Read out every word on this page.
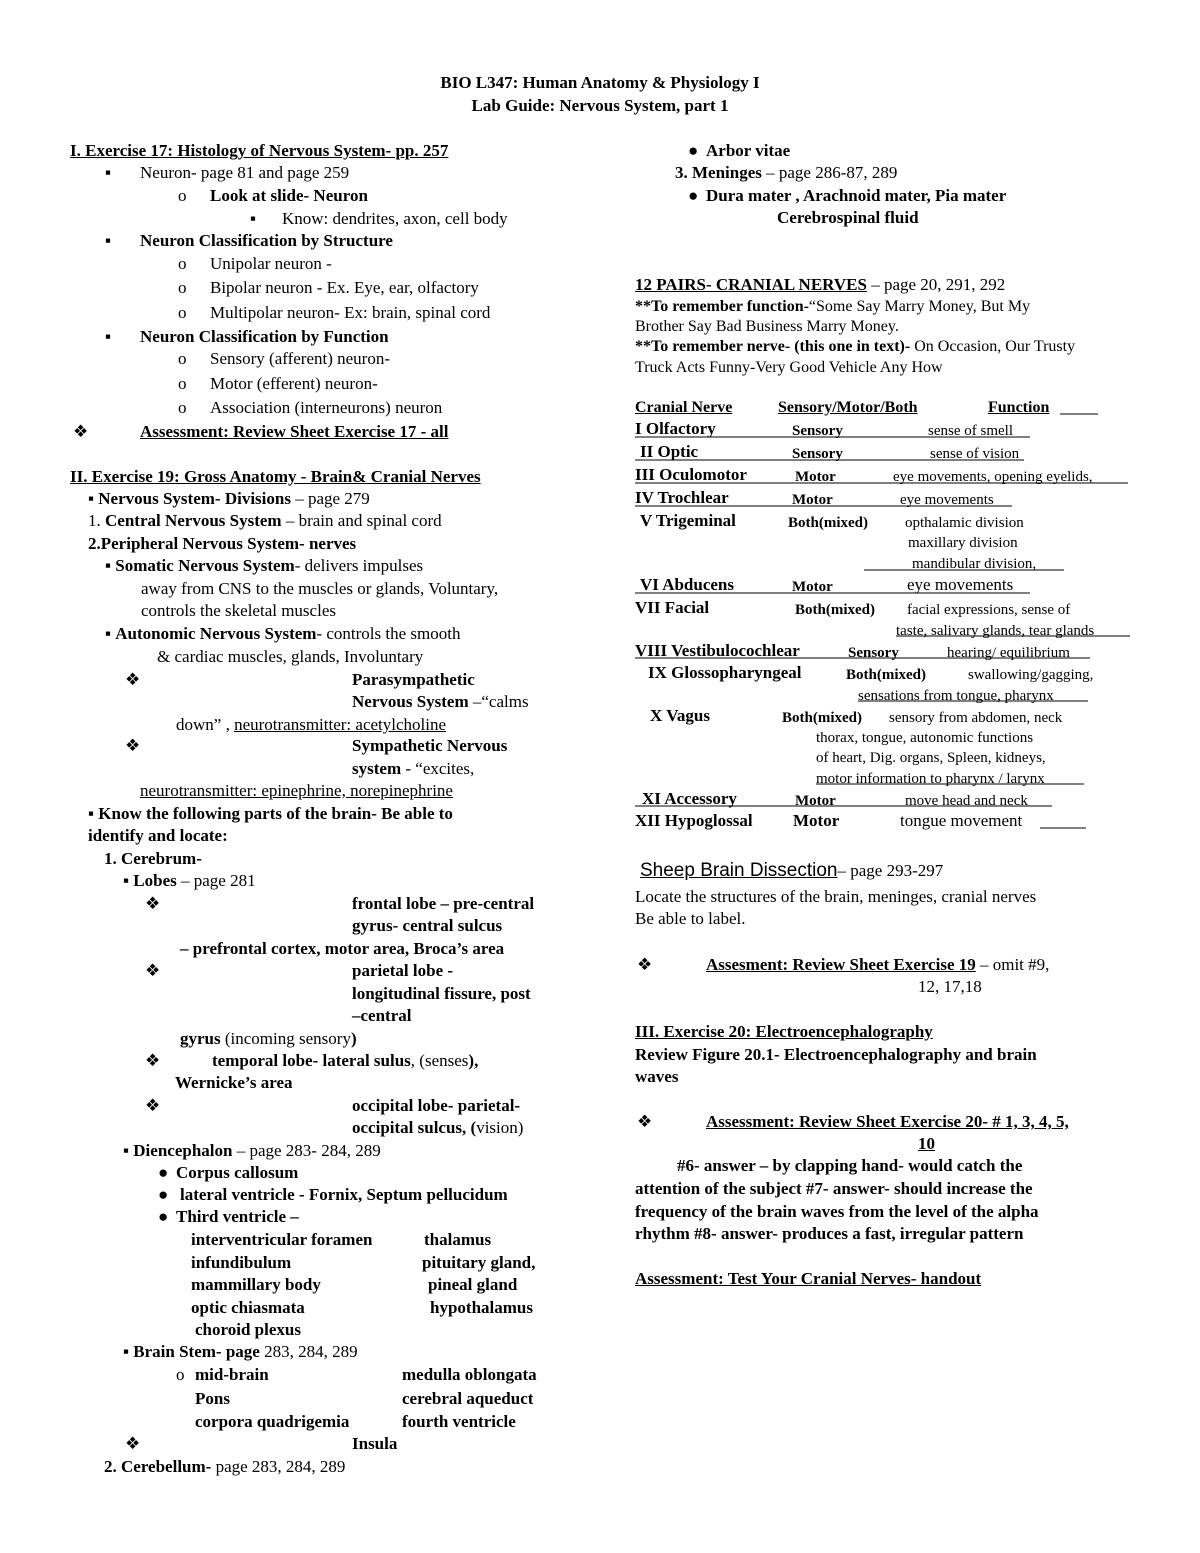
BIO L347: Human Anatomy & Physiology I
Lab Guide: Nervous System, part 1
I. Exercise 17: Histology of Nervous System- pp. 257
▪ Neuron- page 81 and page 259
o Look at slide- Neuron
▪ Know: dendrites, axon, cell body
▪ Neuron Classification by Structure
o Unipolar neuron -
o Bipolar neuron - Ex. Eye, ear, olfactory
o Multipolar neuron- Ex: brain, spinal cord
▪ Neuron Classification by Function
o Sensory (afferent) neuron-
o Motor (efferent) neuron-
o Association (interneurons) neuron
❖	Assessment: Review Sheet Exercise 17 - all
II. Exercise 19: Gross Anatomy - Brain& Cranial Nerves
▪ Nervous System- Divisions – page 279
1. Central Nervous System – brain and spinal cord
2.Peripheral Nervous System- nerves
▪ Somatic Nervous System- delivers impulses
away from CNS to the muscles or glands, Voluntary,
controls the skeletal muscles
▪ Autonomic Nervous System- controls the smooth
& cardiac muscles, glands, Involuntary
❖	Parasympathetic
Nervous System –“calms
down” , neurotransmitter: acetylcholine
❖	Sympathetic Nervous
system - “excites,
neurotransmitter: epinephrine, norepinephrine
▪ Know the following parts of the brain- Be able to
identify and locate:
1. Cerebrum-
▪ Lobes – page 281
❖	frontal lobe – pre-central
gyrus- central sulcus
– prefrontal cortex, motor area, Broca’s area
❖	parietal lobe -
longitudinal fissure, post
–central
gyrus (incoming sensory)
❖	temporal lobe- lateral sulus, (senses),
Wernicke’s area
❖	occipital lobe- parietal-
occipital sulcus, (vision)
▪ Diencephalon – page 283- 284, 289
● Corpus callosum
● lateral ventricle - Fornix, Septum pellucidum
● Third ventricle –
interventricular foramen	thalamus
infundibulum	pituitary gland,
mammillary body	pineal gland
optic chiasmata	hypothalamus
choroid plexus
▪ Brain Stem- page 283, 284, 289
o mid-brain	medulla oblongata
Pons	cerebral aqueduct
corpora quadrigemia	fourth ventricle
❖	Insula
2. Cerebellum- page 283, 284, 289
● Arbor vitae
3. Meninges – page 286-87, 289
● Dura mater , Arachnoid mater, Pia mater
Cerebrospinal fluid
12 PAIRS- CRANIAL NERVES – page 20, 291, 292
**To remember function-“Some Say Marry Money, But My
Brother Say Bad Business Marry Money.
**To remember nerve- (this one in text)- On Occasion, Our Trusty
Truck Acts Funny-Very Good Vehicle Any How
Cranial Nerve	Sensory/Motor/Both	Function
I Olfactory	Sensory	sense of smell
II Optic	Sensory	sense of vision
III Oculomotor	Motor	eye movements, opening eyelids,
IV Trochlear	Motor	eye movements
V Trigeminal	Both(mixed) opthalamic division
maxillary division
mandibular division,
VI Abducens	Motor	eye movements
VII Facial	Both(mixed) facial expressions, sense of
taste, salivary glands, tear glands
VIII Vestibulocochlear	Sensory	hearing/ equilibrium
IX Glossopharyngeal	Both(mixed)	swallowing/gagging,
sensations from tongue, pharynx
X Vagus	Both(mixed) sensory from abdomen, neck
thorax, tongue, autonomic functions
of heart, Dig. organs, Spleen, kidneys,
motor information to pharynx / larynx
XI Accessory	Motor	move head and neck
XII Hypoglossal Motor	tongue movement
Sheep Brain Dissection– page 293-297
Locate the structures of the brain, meninges, cranial nerves
Be able to label.
❖	Assesment: Review Sheet Exercise 19 – omit #9,
12, 17,18
III. Exercise 20: Electroencephalography
Review Figure 20.1- Electroencephalography and brain
waves
❖	Assessment: Review Sheet Exercise 20- # 1, 3, 4, 5,
10
#6- answer – by clapping hand- would catch the
attention of the subject #7- answer- should increase the
frequency of the brain waves from the level of the alpha
rhythm #8- answer- produces a fast, irregular pattern
Assessment: Test Your Cranial Nerves- handout
